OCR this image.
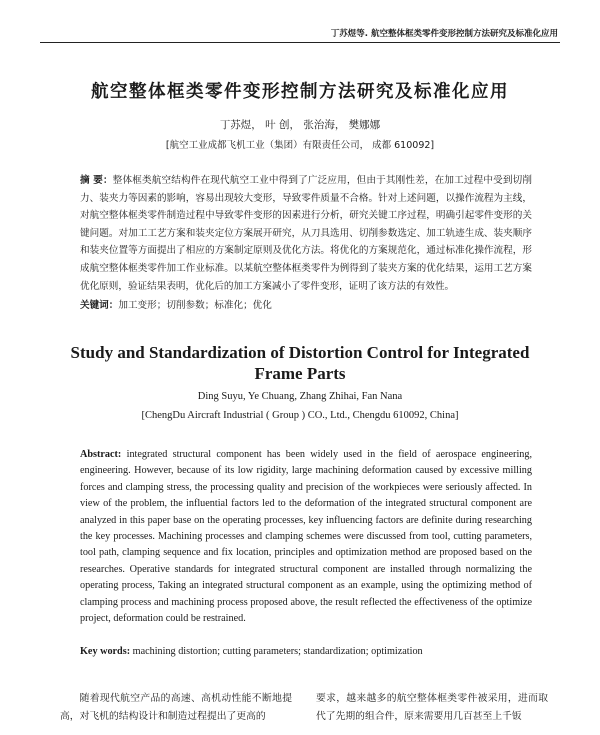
丁苏煜等. 航空整体框类零件变形控制方法研究及标准化应用
航空整体框类零件变形控制方法研究及标准化应用
丁苏煜， 叶 创， 张治海， 樊娜娜
[航空工业成都飞机工业（集团）有限责任公司， 成都 610092]
摘 要：整体框类航空结构件在现代航空工业中得到了广泛应用，但由于其刚性差，在加工过程中受到切削力、装夹力等因素的影响，容易出现较大变形，导致零件质量不合格。针对上述问题，以操作流程为主线，对航空整体框类零件制造过程中导致零件变形的因素进行分析，研究关键工序过程，明确引起零件变形的关键问题。对加工工艺方案和装夹定位方案展开研究，从刀具选用、切削参数选定、加工轨迹生成、装夹顺序和装夹位置等方面提出了相应的方案制定原则及优化方法。将优化的方案规范化，通过标准化操作流程，形成航空整体框类零件加工作业标准。以某航空整体框类零件为例得到了装夹方案的优化结果，运用工艺方案优化原则，验证结果表明，优化后的加工方案减小了零件变形，证明了该方法的有效性。
关键词：加工变形；切削参数；标准化；优化
Study and Standardization of Distortion Control for Integrated Frame Parts
Ding Suyu, Ye Chuang, Zhang Zhihai, Fan Nana
[ChengDu Aircraft Industrial ( Group ) CO., Ltd., Chengdu 610092, China]
Abstract: integrated structural component has been widely used in the field of aerospace engineering, engineering. However, because of its low rigidity, large machining deformation caused by excessive milling forces and clamping stress, the processing quality and precision of the workpieces were seriously affected. In view of the problem, the influential factors led to the deformation of the integrated structural component are analyzed in this paper base on the operating processes, key influencing factors are definite during researching the key processes. Machining processes and clamping schemes were discussed from tool, cutting parameters, tool path, clamping sequence and fix location, principles and optimization method are proposed based on the researches. Operative standards for integrated structural component are installed through normalizing the operating process, Taking an integrated structural component as an example, using the optimizing method of clamping process and machining process proposed above, the result reflected the effectiveness of the optimize project, deformation could be restrained.
Key words: machining distortion; cutting parameters; standardization; optimization
随着现代航空产品的高速、高机动性能不断地提高，对飞机的结构设计和制造过程提出了更高的
要求，越来越多的航空整体框类零件被采用，进而取代了先期的组合件，原来需要用几百甚至上千钣
